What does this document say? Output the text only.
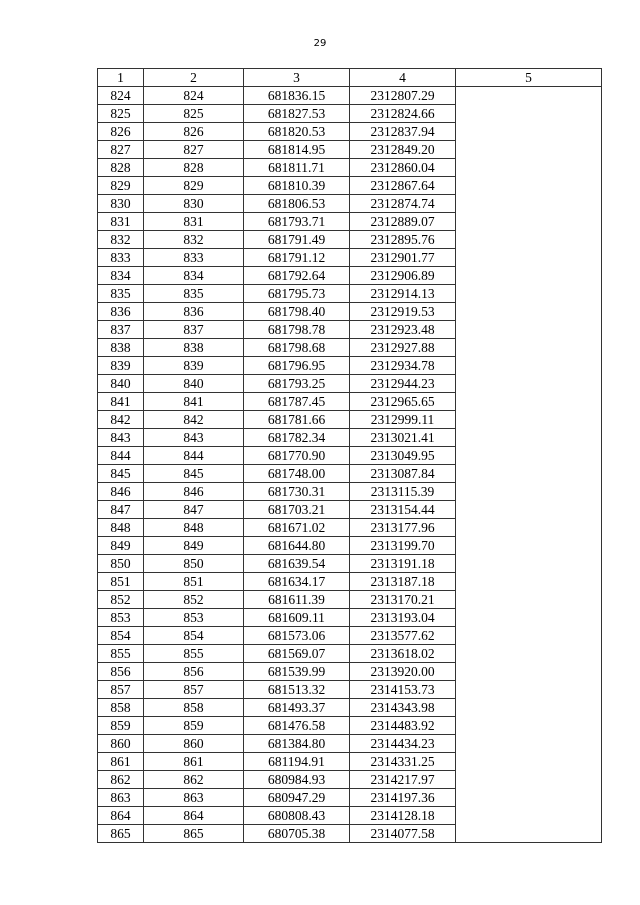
29
1	2	3	4	5
824	824	681836.15	2312807.29	
825	825	681827.53	2312824.66	
826	826	681820.53	2312837.94	
827	827	681814.95	2312849.20	
828	828	681811.71	2312860.04	
829	829	681810.39	2312867.64	
830	830	681806.53	2312874.74	
831	831	681793.71	2312889.07	
832	832	681791.49	2312895.76	
833	833	681791.12	2312901.77	
834	834	681792.64	2312906.89	
835	835	681795.73	2312914.13	
836	836	681798.40	2312919.53	
837	837	681798.78	2312923.48	
838	838	681798.68	2312927.88	
839	839	681796.95	2312934.78	
840	840	681793.25	2312944.23	
841	841	681787.45	2312965.65	
842	842	681781.66	2312999.11	
843	843	681782.34	2313021.41	
844	844	681770.90	2313049.95	
845	845	681748.00	2313087.84	
846	846	681730.31	2313115.39	
847	847	681703.21	2313154.44	
848	848	681671.02	2313177.96	
849	849	681644.80	2313199.70	
850	850	681639.54	2313191.18	
851	851	681634.17	2313187.18	
852	852	681611.39	2313170.21	
853	853	681609.11	2313193.04	
854	854	681573.06	2313577.62	
855	855	681569.07	2313618.02	
856	856	681539.99	2313920.00	
857	857	681513.32	2314153.73	
858	858	681493.37	2314343.98	
859	859	681476.58	2314483.92	
860	860	681384.80	2314434.23	
861	861	681194.91	2314331.25	
862	862	680984.93	2314217.97	
863	863	680947.29	2314197.36	
864	864	680808.43	2314128.18	
865	865	680705.38	2314077.58	
